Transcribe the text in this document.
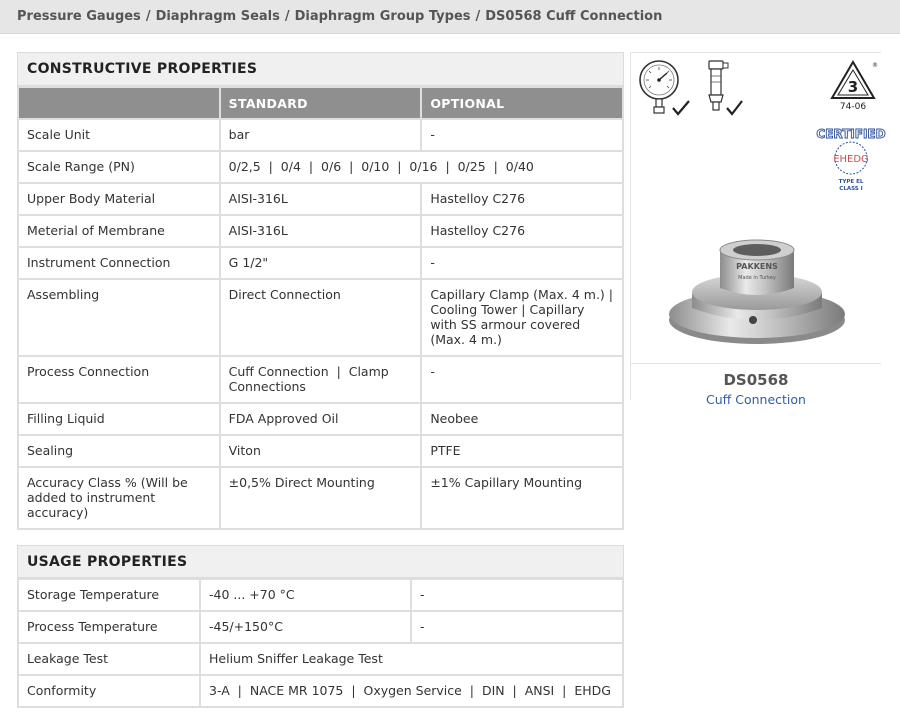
Pressure Gauges / Diaphragm Seals / Diaphragm Group Types / DS0568 Cuff Connection
CONSTRUCTIVE PROPERTIES
	STANDARD	OPTIONAL
Scale Unit	bar	-
Scale Range (PN)	0/2,5  |  0/4  |  0/6  |  0/10  |  0/16  |  0/25  |  0/40	
Upper Body Material	AISI-316L	Hastelloy C276
Meterial of Membrane	AISI-316L	Hastelloy C276
Instrument Connection	G 1/2"	-
Assembling	Direct Connection	Capillary Clamp (Max. 4 m.) | Cooling Tower | Capillary with SS armour covered (Max. 4 m.)
Process Connection	Cuff Connection  |  Clamp Connections	-
Filling Liquid	FDA Approved Oil	Neobee
Sealing	Viton	PTFE
Accuracy Class % (Will be added to instrument accuracy)	±0,5% Direct Mounting	±1% Capillary Mounting
USAGE PROPERTIES
Storage Temperature	-40 ... +70 °C	-
Process Temperature	-45/+150°C	-
Leakage Test	Helium Sniffer Leakage Test	
Conformity	3-A  |  NACE MR 1075  |  Oxygen Service  |  DIN  |  ANSI  |  EHDG	
3
®
74-06
CERTIFIED
EHEDG
TYPE EL
CLASS I
PAKKENS
Made in Turkey
DS0568
Cuff Connection
